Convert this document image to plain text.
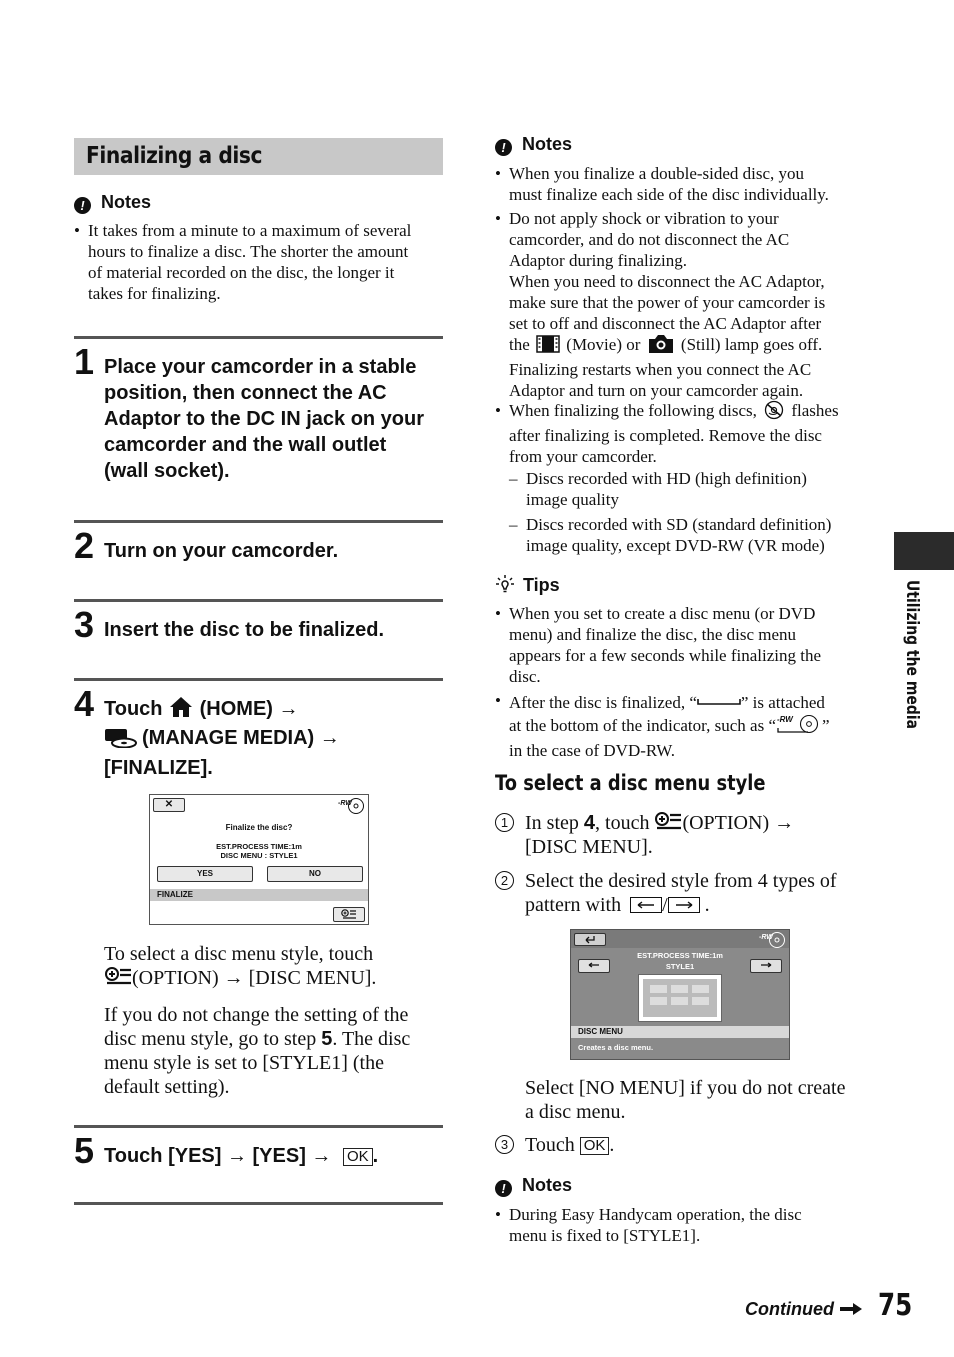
Finalizing a disc
! Notes
• It takes from a minute to a maximum of several
hours to finalize a disc. The shorter the amount
of material recorded on the disc, the longer it
takes for finalizing.
1 Place your camcorder in a stable
position, then connect the AC
Adaptor to the DC IN jack on your
camcorder and the wall outlet
(wall socket).
2 Turn on your camcorder.
3 Insert the disc to be finalized.
4 Touch (HOME) →
(MANAGE MEDIA) →
[FINALIZE].
✕	-RW
Finalize the disc?
EST.PROCESS TIME:1m
DISC MENU : STYLE1
YES	NO
FINALIZE
To select a disc menu style, touch
(OPTION) → [DISC MENU].
If you do not change the setting of the
disc menu style, go to step 5. The disc
menu style is set to [STYLE1] (the
default setting).
5 Touch [YES] → [YES] → OK .
! Notes
• When you finalize a double-sided disc, you
must finalize each side of the disc individually.
• Do not apply shock or vibration to your
camcorder, and do not disconnect the AC
Adaptor during finalizing.
When you need to disconnect the AC Adaptor,
make sure that the power of your camcorder is
set to off and disconnect the AC Adaptor after
the (Movie) or (Still) lamp goes off.
Finalizing restarts when you connect the AC
Adaptor and turn on your camcorder again.
• When finalizing the following discs, flashes
after finalizing is completed. Remove the disc
from your camcorder.
– Discs recorded with HD (high definition)
image quality
– Discs recorded with SD (standard definition)
image quality, except DVD-RW (VR mode)
Tips
• When you set to create a disc menu (or DVD
menu) and finalize the disc, the disc menu
appears for a few seconds while finalizing the
disc.
• After the disc is finalized, “	” is attached
at the bottom of the indicator, such as “ -RW ”
in the case of DVD-RW.
To select a disc menu style
1 In step 4, touch (OPTION) →
[DISC MENU].
2 Select the desired style from 4 types of
pattern with / .
-RW
EST.PROCESS TIME:1m
STYLE1
DISC MENU
Creates a disc menu.
Select [NO MENU] if you do not create
a disc menu.
3 Touch OK .
! Notes
• During Easy Handycam operation, the disc
menu is fixed to [STYLE1].
Continued	75
Utilizing the media
